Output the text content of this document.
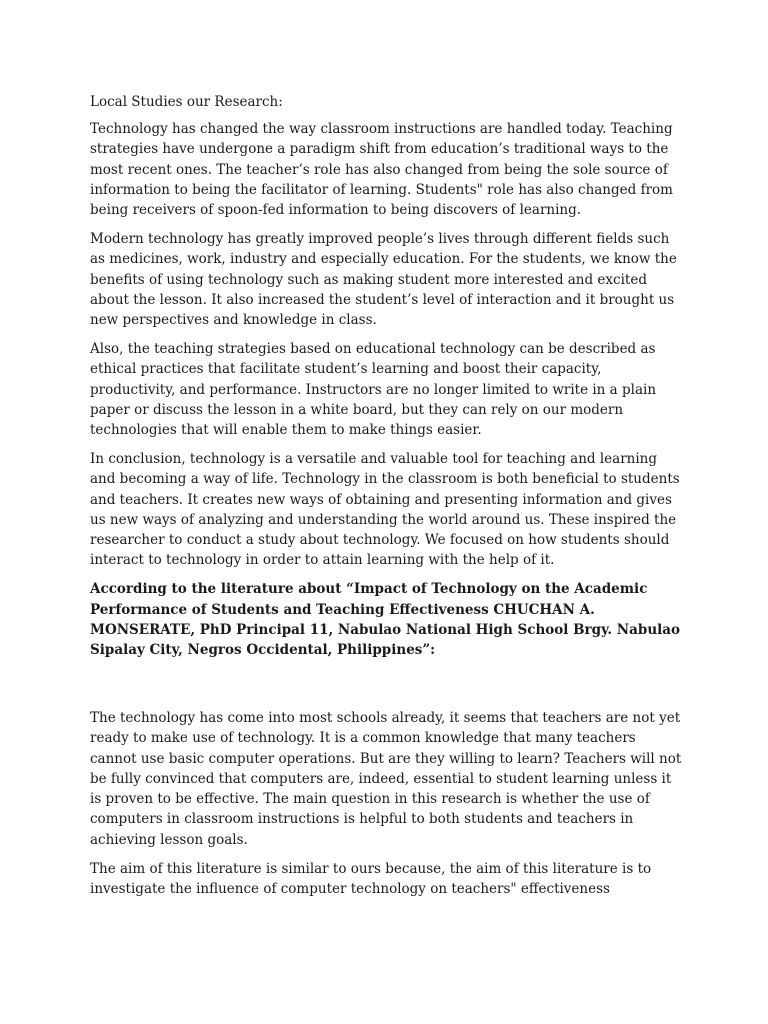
Local Studies our Research:

Technology has changed the way classroom instructions are handled today. Teaching strategies have undergone a paradigm shift from education’s traditional ways to the most recent ones. The teacher’s role has also changed from being the sole source of information to being the facilitator of learning. Students" role has also changed from being receivers of spoon-fed information to being discovers of learning.

Modern technology has greatly improved people’s lives through different fields such as medicines, work, industry and especially education. For the students, we know the benefits of using technology such as making student more interested and excited about the lesson. It also increased the student’s level of interaction and it brought us new perspectives and knowledge in class.

Also, the teaching strategies based on educational technology can be described as ethical practices that facilitate student’s learning and boost their capacity, productivity, and performance. Instructors are no longer limited to write in a plain paper or discuss the lesson in a white board, but they can rely on our modern technologies that will enable them to make things easier.

In conclusion, technology is a versatile and valuable tool for teaching and learning and becoming a way of life. Technology in the classroom is both beneficial to students and teachers. It creates new ways of obtaining and presenting information and gives us new ways of analyzing and understanding the world around us. These inspired the researcher to conduct a study about technology. We focused on how students should interact to technology in order to attain learning with the help of it.

According to the literature about “Impact of Technology on the Academic Performance of Students and Teaching Effectiveness CHUCHAN A. MONSERATE, PhD Principal 11, Nabulao National High School Brgy. Nabulao Sipalay City, Negros Occidental, Philippines”:

The technology has come into most schools already, it seems that teachers are not yet ready to make use of technology. It is a common knowledge that many teachers cannot use basic computer operations. But are they willing to learn? Teachers will not be fully convinced that computers are, indeed, essential to student learning unless it is proven to be effective. The main question in this research is whether the use of computers in classroom instructions is helpful to both students and teachers in achieving lesson goals.

The aim of this literature is similar to ours because, the aim of this literature is to investigate the influence of computer technology on teachers" effectiveness
